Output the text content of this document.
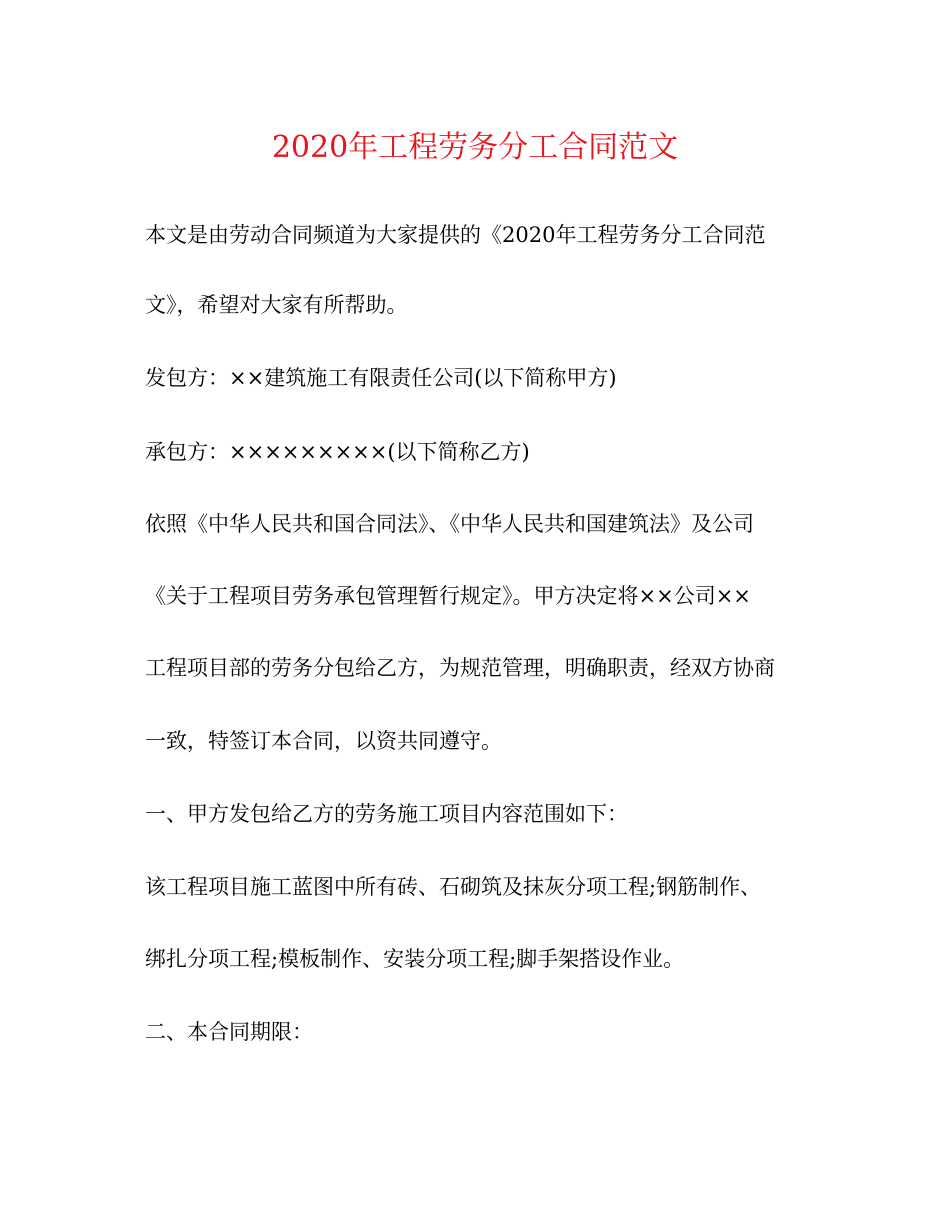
2020年工程劳务分工合同范文
本文是由劳动合同频道为大家提供的《2020年工程劳务分工合同范
文》，希望对大家有所帮助。
发包方：××建筑施工有限责任公司(以下简称甲方)
承包方：×××××××××(以下简称乙方)
依照《中华人民共和国合同法》、《中华人民共和国建筑法》及公司
《关于工程项目劳务承包管理暂行规定》。甲方决定将××公司××
工程项目部的劳务分包给乙方，为规范管理，明确职责，经双方协商
一致，特签订本合同，以资共同遵守。
一、甲方发包给乙方的劳务施工项目内容范围如下：
该工程项目施工蓝图中所有砖、石砌筑及抹灰分项工程;钢筋制作、
绑扎分项工程;模板制作、安装分项工程;脚手架搭设作业。
二、本合同期限：
